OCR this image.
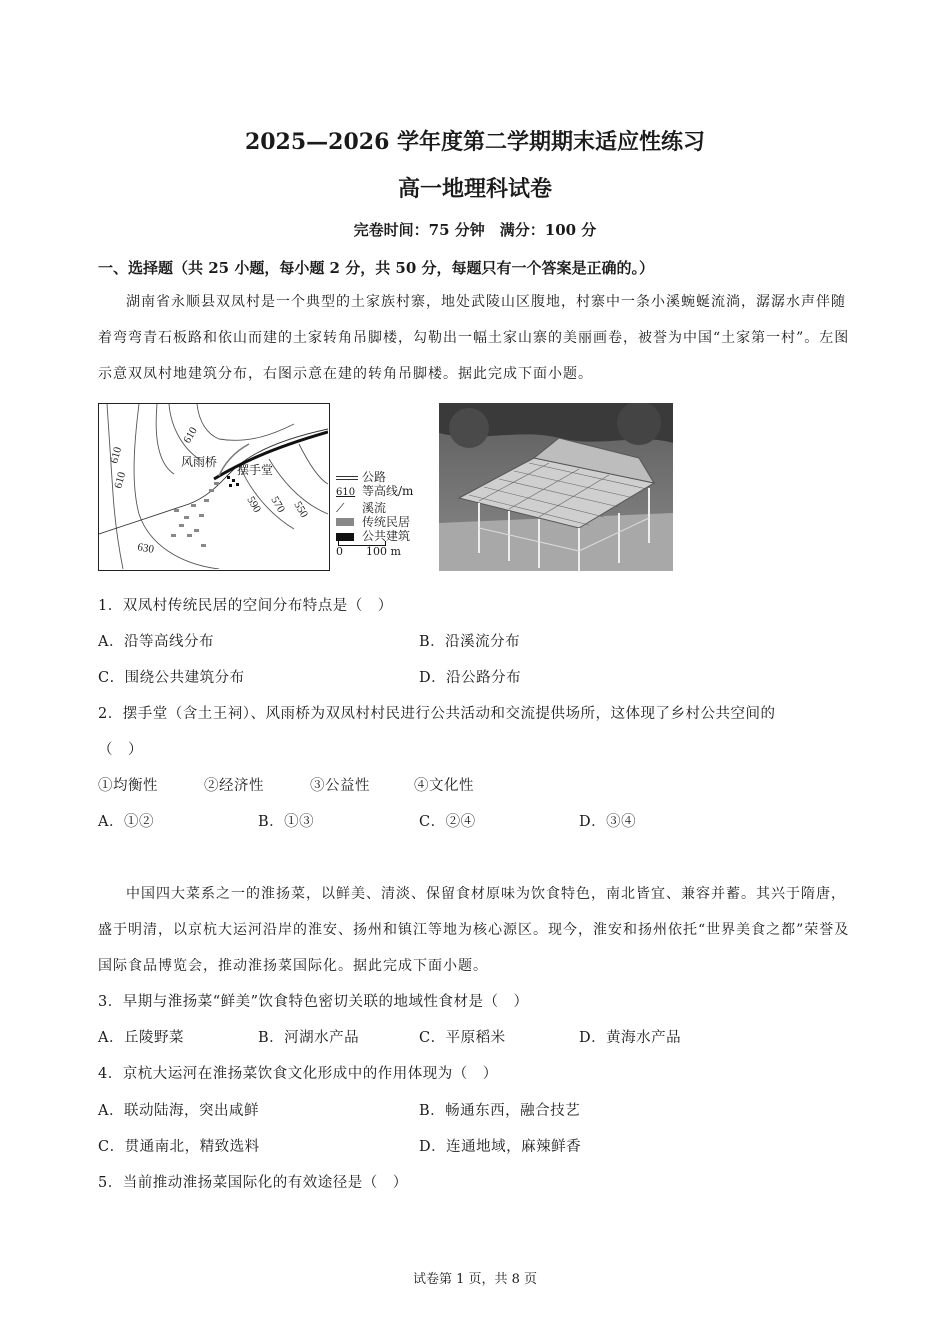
2025—2026 学年度第二学期期末适应性练习
高一地理科试卷
完卷时间：75 分钟　满分：100 分
一、选择题（共 25 小题，每小题 2 分，共 50 分，每题只有一个答案是正确的。）
湖南省永顺县双凤村是一个典型的土家族村寨，地处武陵山区腹地，村寨中一条小溪蜿蜒流淌，潺潺水声伴随着弯弯青石板路和依山而建的土家转角吊脚楼，勾勒出一幅土家山寨的美丽画卷，被誉为中国“土家第一村”。左图示意双凤村地建筑分布，右图示意在建的转角吊脚楼。据此完成下面小题。
610
610
610
590 570 550
630
风雨桥
摆手堂	公路
610 等高线/m
⟋ 溪流
传统民居
公共建筑
0 100 m
1．双凤村传统民居的空间分布特点是（　）
A．沿等高线分布	B．沿溪流分布
C．围绕公共建筑分布	D．沿公路分布
2．摆手堂（含土王祠）、风雨桥为双凤村村民进行公共活动和交流提供场所，这体现了乡村公共空间的
（　）
①均衡性	②经济性	③公益性	④文化性
A．①②	B．①③	C．②④	D．③④
中国四大菜系之一的淮扬菜，以鲜美、清淡、保留食材原味为饮食特色，南北皆宜、兼容并蓄。其兴于隋唐，盛于明清，以京杭大运河沿岸的淮安、扬州和镇江等地为核心源区。现今，淮安和扬州依托“世界美食之都”荣誉及国际食品博览会，推动淮扬菜国际化。据此完成下面小题。
3．早期与淮扬菜“鲜美”饮食特色密切关联的地域性食材是（　）
A．丘陵野菜	B．河湖水产品	C．平原稻米	D．黄海水产品
4．京杭大运河在淮扬菜饮食文化形成中的作用体现为（　）
A．联动陆海，突出咸鲜	B．畅通东西，融合技艺
C．贯通南北，精致选料	D．连通地域，麻辣鲜香
5．当前推动淮扬菜国际化的有效途径是（　）
试卷第 1 页，共 8 页
